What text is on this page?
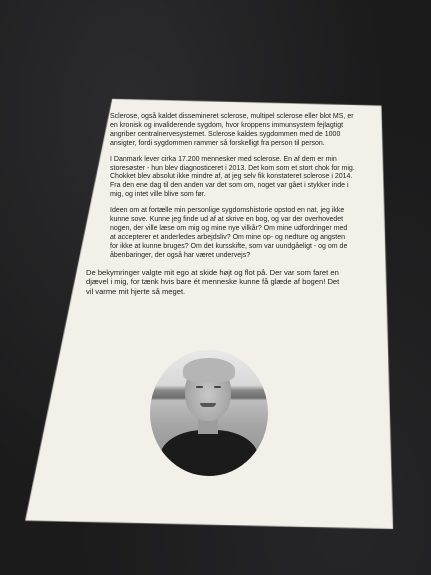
Sclerose, også kaldet dissemineret sclerose, multipel sclerose eller blot MS, er en kronisk og invaliderende sygdom, hvor kroppens immunsystem fejlagtigt angriber centralnervesystemet. Sclerose kaldes sygdommen med de 1000 ansigter, fordi sygdommen rammer så forskelligt fra person til person.

I Danmark lever cirka 17.200 mennesker med sclerose. En af dem er min storesøster - hun blev diagnosticeret i 2013. Det kom som et stort chok for mig. Chokket blev absolut ikke mindre af, at jeg selv fik konstateret sclerose i 2014. Fra den ene dag til den anden var det som om, noget var gået i stykker inde i mig, og intet ville blive som før.

Ideen om at fortælle min personlige sygdomshistorie opstod en nat, jeg ikke kunne sove. Kunne jeg finde ud af at skrive en bog, og var der overhovedet nogen, der ville læse om mig og mine nye vilkår? Om mine udfordringer med at accepterer et anderledes arbejdsliv? Om mine op- og nedture og angsten for ikke at kunne bruges? Om det kursskifte, som var uundgåeligt - og om de åbenbaringer, der også har været undervejs?

De bekymringer valgte mit ego at skide højt og flot på. Der var som faret en djævel i mig, for tænk hvis bare ét menneske kunne få glæde af bogen! Det vil varme mit hjerte så meget.
